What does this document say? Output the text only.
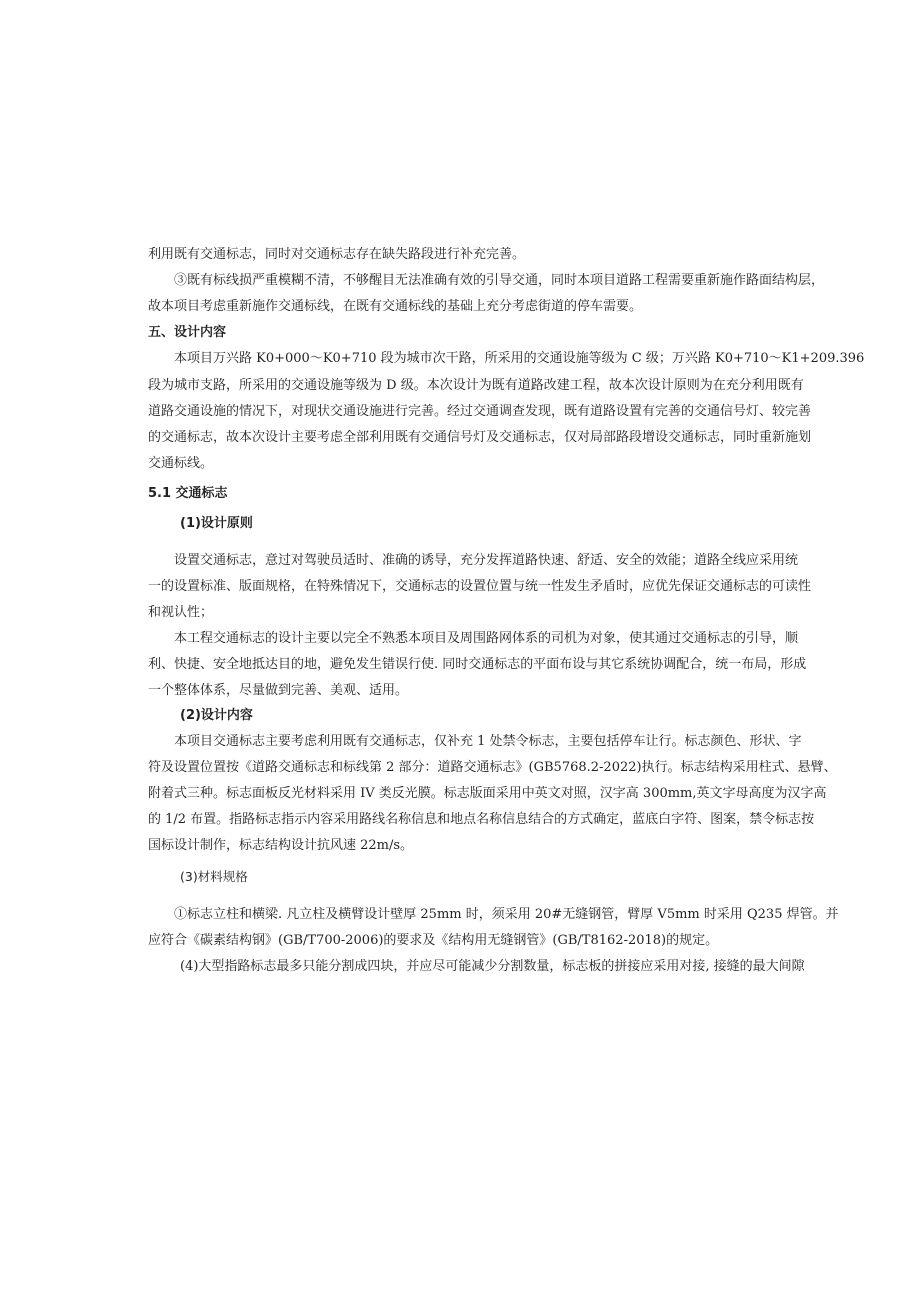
利用既有交通标志，同时对交通标志存在缺失路段进行补充完善。
③既有标线损严重模糊不清，不够醒目无法准确有效的引导交通，同时本项目道路工程需要重新施作路面结构层，
故本项目考虑重新施作交通标线，在既有交通标线的基础上充分考虑街道的停车需要。
五、设计内容
本项目万兴路 K0+000～K0+710 段为城市次干路，所采用的交通设施等级为 C 级；万兴路 K0+710～K1+209.396
段为城市支路，所采用的交通设施等级为 D 级。本次设计为既有道路改建工程，故本次设计原则为在充分利用既有
道路交通设施的情况下，对现状交通设施进行完善。经过交通调查发现，既有道路设置有完善的交通信号灯、较完善
的交通标志，故本次设计主要考虑全部利用既有交通信号灯及交通标志，仅对局部路段增设交通标志，同时重新施划
交通标线。
5.1 交通标志
(1)设计原则
设置交通标志，意过对驾驶员适时、准确的诱导，充分发挥道路快速、舒适、安全的效能；道路全线应采用统
一的设置标准、版面规格，在特殊情况下，交通标志的设置位置与统一性发生矛盾时，应优先保证交通标志的可读性
和视认性；
本工程交通标志的设计主要以完全不熟悉本项目及周围路网体系的司机为对象，使其通过交通标志的引导，顺
利、快捷、安全地抵达目的地，避免发生错误行使. 同时交通标志的平面布设与其它系统协调配合，统一布局，形成
一个整体体系，尽量做到完善、美观、适用。
(2)设计内容
本项目交通标志主要考虑利用既有交通标志，仅补充 1 处禁令标志，主要包括停车让行。标志颜色、形状、字
符及设置位置按《道路交通标志和标线第 2 部分：道路交通标志》(GB5768.2-2022)执行。标志结构采用柱式、悬臂、
附着式三种。标志面板反光材料采用 IV 类反光膜。标志版面采用中英文对照，汉字高 300mm,英文字母高度为汉字高
的 1/2 布置。指路标志指示内容采用路线名称信息和地点名称信息结合的方式确定，蓝底白字符、图案，禁令标志按
国标设计制作，标志结构设计抗风速 22m∕s。
(3)材料规格
①标志立柱和横梁. 凡立柱及横臂设计壁厚 25mm 时，须采用 20#无缝钢管，臂厚 V5mm 时采用 Q235 焊管。并
应符合《碳素结构钢》(GB/T700-2006)的要求及《结构用无缝钢管》(GB/T8162-2018)的规定。
(4)大型指路标志最多只能分割成四块，并应尽可能减少分割数量，标志板的拼接应采用对接, 接缝的最大间隙
